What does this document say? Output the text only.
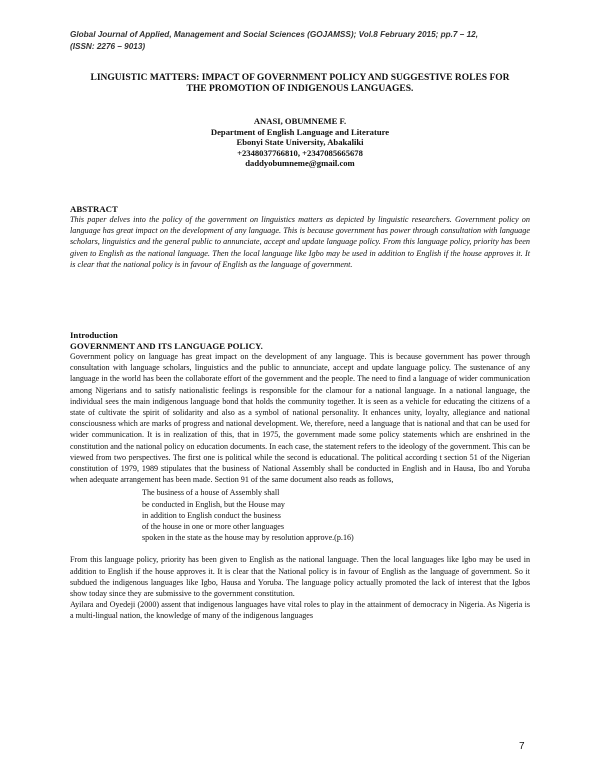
Global Journal of Applied, Management and Social Sciences (GOJAMSS); Vol.8 February 2015; pp.7 – 12,
(ISSN: 2276 – 9013)
LINGUISTIC MATTERS: IMPACT OF GOVERNMENT POLICY AND SUGGESTIVE ROLES FOR
THE PROMOTION OF INDIGENOUS LANGUAGES.
ANASI, OBUMNEME F.
Department of English Language and Literature
Ebonyi State University, Abakaliki
+2348037766810, +2347085665678
daddyobumneme@gmail.com
ABSTRACT

This paper delves into the policy of the government on linguistics matters as depicted by linguistic researchers. Government policy on language has great impact on the development of any language. This is because government has power through consultation with language scholars, linguistics and the general public to annunciate, accept and update language policy. From this language policy, priority has been given to English as the national language. Then the local language like Igbo may be used in addition to English if the house approves it. It is clear that the national policy is in favour of English as the language of government.

Introduction
GOVERNMENT AND ITS LANGUAGE POLICY.

Government policy on language has great impact on the development of any language. This is because government has power through consultation with language scholars, linguistics and the public to annunciate, accept and update language policy. The sustenance of any language in the world has been the collaborate effort of the government and the people. The need to find a language of wider communication among Nigerians and to satisfy nationalistic feelings is responsible for the clamour for a national language. In a national language, the individual sees the main indigenous language bond that holds the community together. It is seen as a vehicle for educating the citizens of a state of cultivate the spirit of solidarity and also as a symbol of national personality. It enhances unity, loyalty, allegiance and national consciousness which are marks of progress and national development. We, therefore, need a language that is national and that can be used for wider communication. It is in realization of this, that in 1975, the government made some policy statements which are enshrined in the constitution and the national policy on education documents. In each case, the statement refers to the ideology of the government. This can be viewed from two perspectives. The first one is political while the second is educational. The political according t section 51 of the Nigerian constitution of 1979, 1989 stipulates that the business of National Assembly shall be conducted in English and in Hausa, Ibo and Yoruba when adequate arrangement has been made. Section 91 of the same document also reads as follows,

The business of a house of Assembly shall
be conducted in English, but the House may
in addition to English conduct the business
of the house in one or more other languages
spoken in the state as the house may by resolution approve.(p.16)

From this language policy, priority has been given to English as the national language. Then the local languages like Igbo may be used in addition to English if the house approves it. It is clear that the National policy is in favour of English as the language of government. So it subdued the indigenous languages like Igbo, Hausa and Yoruba. The language policy actually promoted the lack of interest that the Igbos show today since they are submissive to the government constitution.

Ayilara and Oyedeji (2000) assent that indigenous languages have vital roles to play in the attainment of democracy in Nigeria. As Nigeria is a multi-lingual nation, the knowledge of many of the indigenous languages

7
